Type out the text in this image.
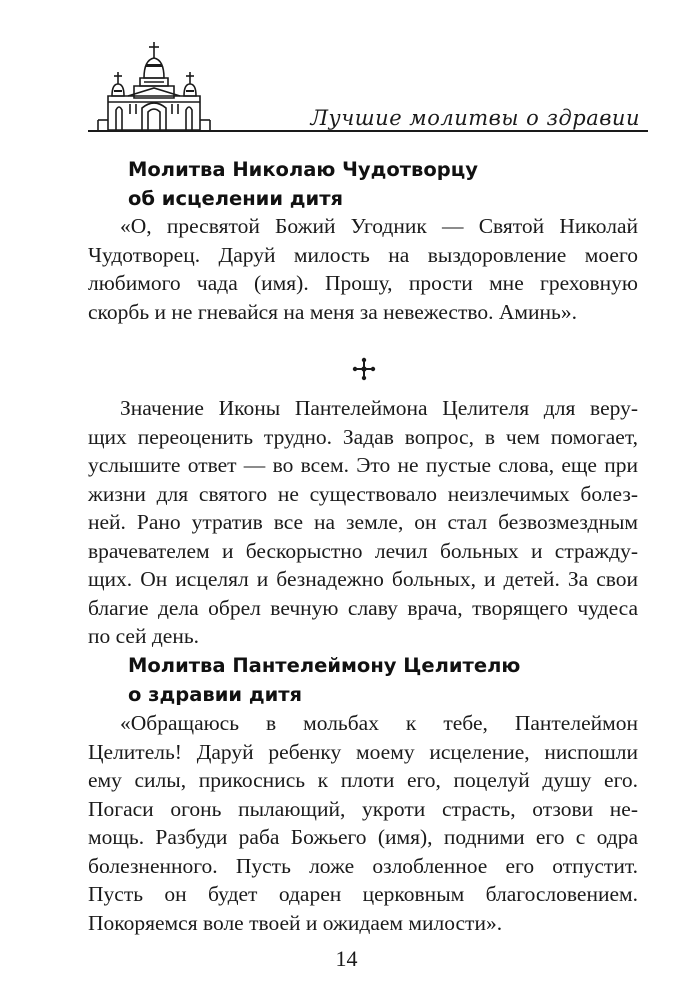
Лучшие молитвы о здравии
Молитва Николаю Чудотворцу
об исцелении дитя
«О, пресвятой Божий Угодник — Святой Николай
Чудотворец. Даруй милость на выздоровление моего
любимого чада (имя). Прошу, прости мне греховную
скорбь и не гневайся на меня за невежество. Аминь».
Значение Иконы Пантелеймона Целителя для веру-
щих переоценить трудно. Задав вопрос, в чем помогает,
услышите ответ — во всем. Это не пустые слова, еще при
жизни для святого не существовало неизлечимых болез-
ней. Рано утратив все на земле, он стал безвозмездным
врачевателем и бескорыстно лечил больных и стражду-
щих. Он исцелял и безнадежно больных, и детей. За свои
благие дела обрел вечную славу врача, творящего чудеса
по сей день.
Молитва Пантелеймону Целителю
о здравии дитя
«Обращаюсь в мольбах к тебе, Пантелеймон
Целитель! Даруй ребенку моему исцеление, ниспошли
ему силы, прикоснись к плоти его, поцелуй душу его.
Погаси огонь пылающий, укроти страсть, отзови не-
мощь. Разбуди раба Божьего (имя), подними его с одра
болезненного. Пусть ложе озлобленное его отпустит.
Пусть он будет одарен церковным благословением.
Покоряемся воле твоей и ожидаем милости».
14
